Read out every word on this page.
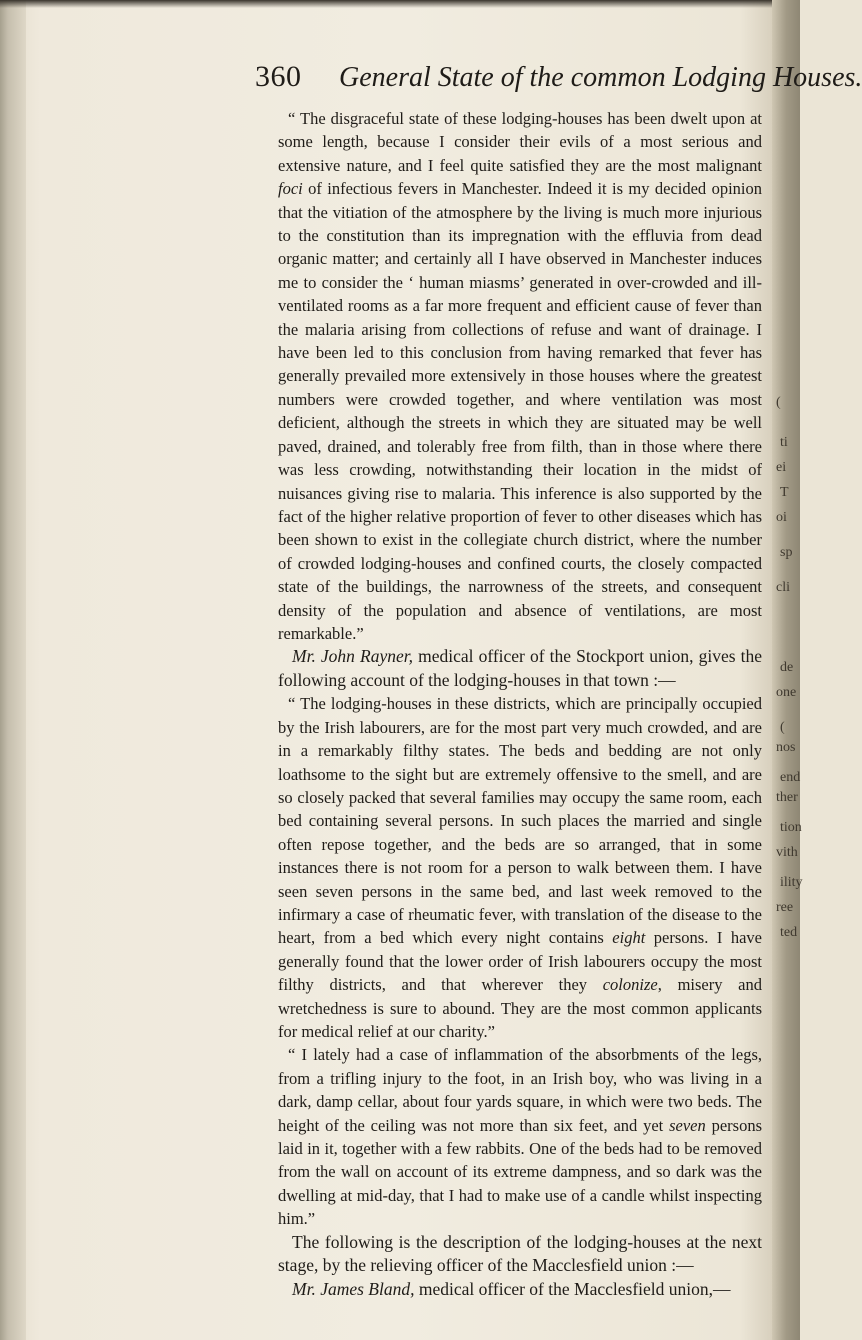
360 General State of the common Lodging Houses.

“ The disgraceful state of these lodging-houses has been dwelt upon at some length, because I consider their evils of a most serious and extensive nature, and I feel quite satisfied they are the most malignant foci of infectious fevers in Manchester. Indeed it is my decided opinion that the vitiation of the atmosphere by the living is much more injurious to the constitution than its impregnation with the effluvia from dead organic matter; and certainly all I have observed in Manchester induces me to consider the ‘ human miasms’ generated in over-crowded and ill-ventilated rooms as a far more frequent and efficient cause of fever than the malaria arising from collections of refuse and want of drainage. I have been led to this conclusion from having remarked that fever has generally prevailed more extensively in those houses where the greatest numbers were crowded together, and where ventilation was most deficient, although the streets in which they are situated may be well paved, drained, and tolerably free from filth, than in those where there was less crowding, notwithstanding their location in the midst of nuisances giving rise to malaria. This inference is also supported by the fact of the higher relative proportion of fever to other diseases which has been shown to exist in the collegiate church district, where the number of crowded lodging-houses and confined courts, the closely compacted state of the buildings, the narrowness of the streets, and consequent density of the population and absence of ventilations, are most remarkable.”

Mr. John Rayner, medical officer of the Stockport union, gives the following account of the lodging-houses in that town :—

“ The lodging-houses in these districts, which are principally occupied by the Irish labourers, are for the most part very much crowded, and are in a remarkably filthy states. The beds and bedding are not only loathsome to the sight but are extremely offensive to the smell, and are so closely packed that several families may occupy the same room, each bed containing several persons. In such places the married and single often repose together, and the beds are so arranged, that in some instances there is not room for a person to walk between them. I have seen seven persons in the same bed, and last week removed to the infirmary a case of rheumatic fever, with translation of the disease to the heart, from a bed which every night contains eight persons. I have generally found that the lower order of Irish labourers occupy the most filthy districts, and that wherever they colonize, misery and wretchedness is sure to abound. They are the most common applicants for medical relief at our charity.”

“ I lately had a case of inflammation of the absorbments of the legs, from a trifling injury to the foot, in an Irish boy, who was living in a dark, damp cellar, about four yards square, in which were two beds. The height of the ceiling was not more than six feet, and yet seven persons laid in it, together with a few rabbits. One of the beds had to be removed from the wall on account of its extreme dampness, and so dark was the dwelling at mid-day, that I had to make use of a candle whilst inspecting him.”

The following is the description of the lodging-houses at the next stage, by the relieving officer of the Macclesfield union :—

Mr. James Bland, medical officer of the Macclesfield union,—

(
ti
ei
T
oi
sp
cli
de
one
(
nos
end
ther
tion
vith
ility
ree
ted
